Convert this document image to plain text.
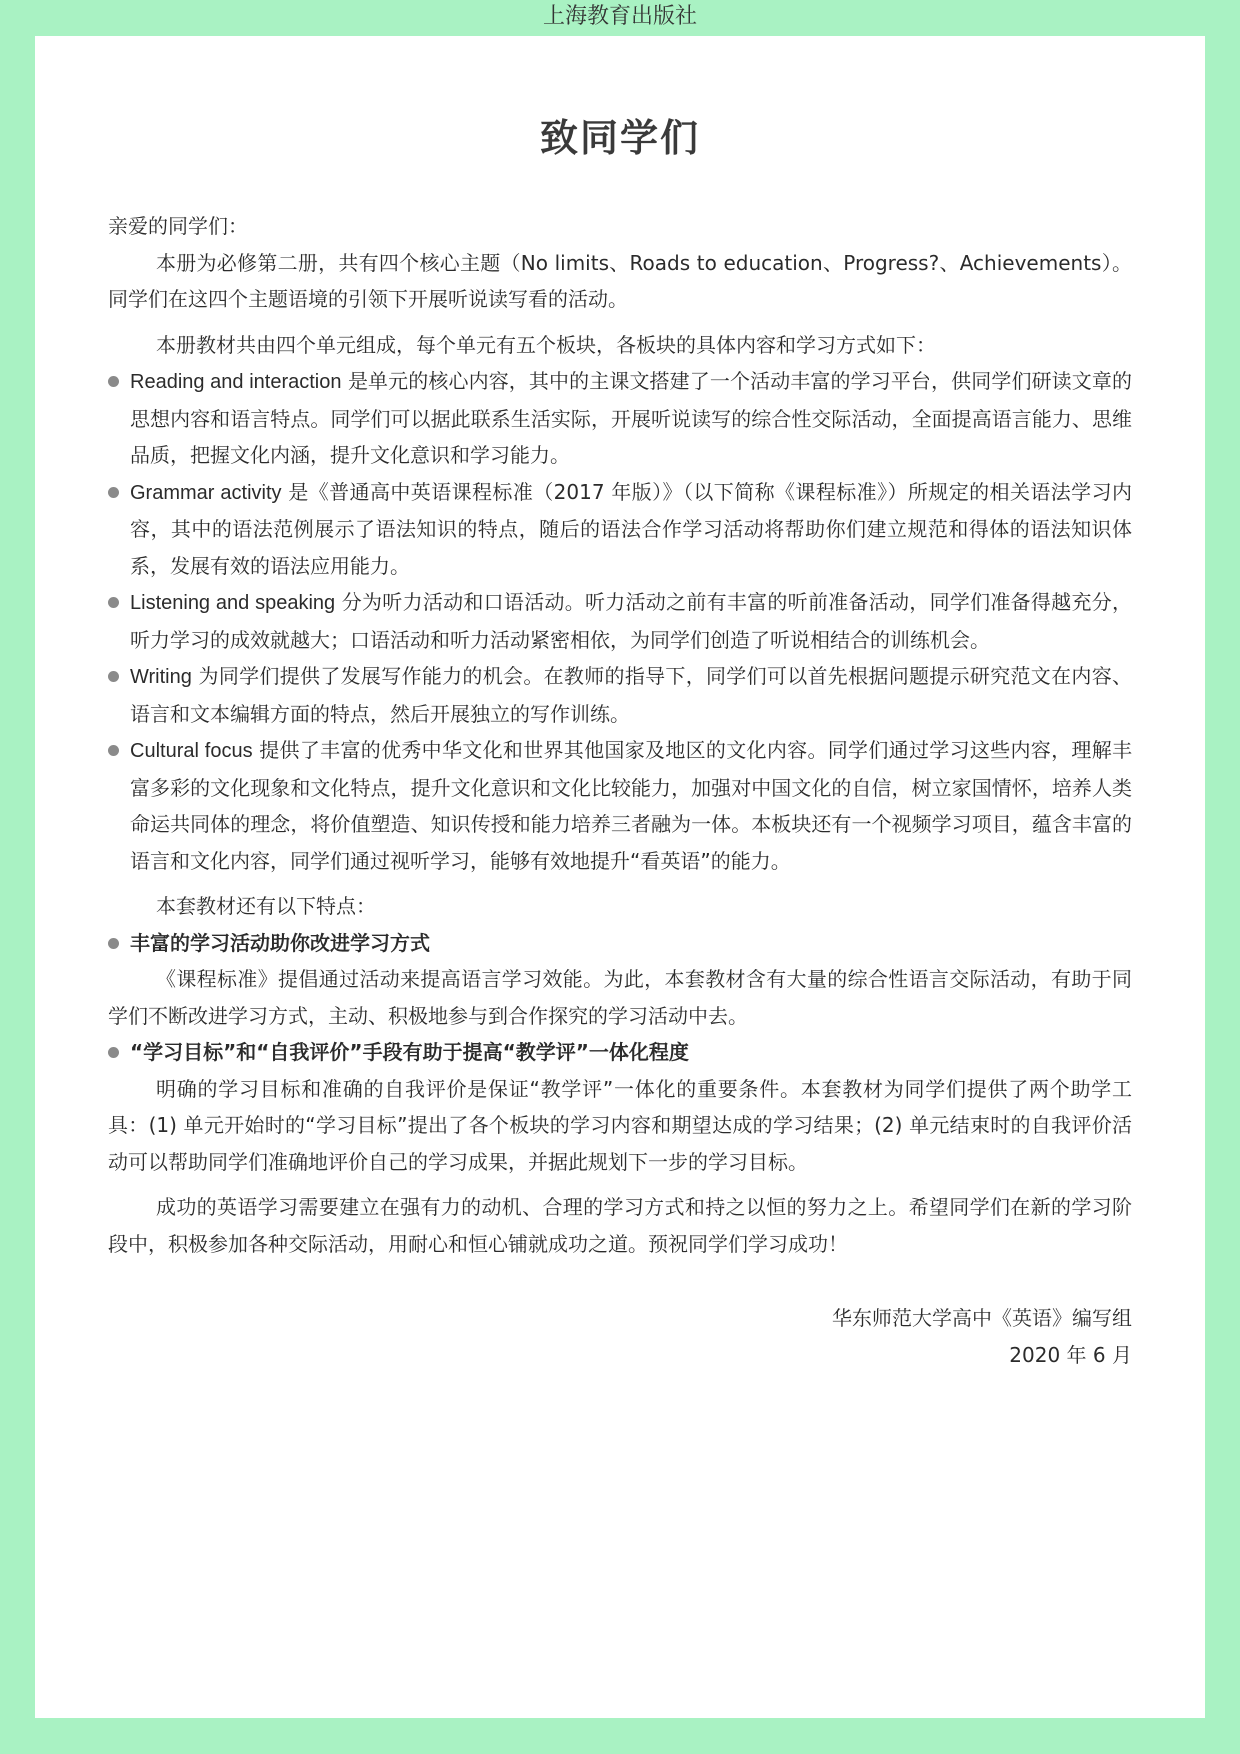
上海教育出版社
致同学们

亲爱的同学们：

本册为必修第二册，共有四个核心主题（No limits、Roads to education、Progress?、Achievements）。同学们在这四个主题语境的引领下开展听说读写看的活动。

本册教材共由四个单元组成，每个单元有五个板块，各板块的具体内容和学习方式如下：

Reading and interaction 是单元的核心内容，其中的主课文搭建了一个活动丰富的学习平台，供同学们研读文章的思想内容和语言特点。同学们可以据此联系生活实际，开展听说读写的综合性交际活动，全面提高语言能力、思维品质，把握文化内涵，提升文化意识和学习能力。
Grammar activity 是《普通高中英语课程标准（2017 年版）》（以下简称《课程标准》）所规定的相关语法学习内容，其中的语法范例展示了语法知识的特点，随后的语法合作学习活动将帮助你们建立规范和得体的语法知识体系，发展有效的语法应用能力。
Listening and speaking 分为听力活动和口语活动。听力活动之前有丰富的听前准备活动，同学们准备得越充分，听力学习的成效就越大；口语活动和听力活动紧密相依，为同学们创造了听说相结合的训练机会。
Writing 为同学们提供了发展写作能力的机会。在教师的指导下，同学们可以首先根据问题提示研究范文在内容、语言和文本编辑方面的特点，然后开展独立的写作训练。
Cultural focus 提供了丰富的优秀中华文化和世界其他国家及地区的文化内容。同学们通过学习这些内容，理解丰富多彩的文化现象和文化特点，提升文化意识和文化比较能力，加强对中国文化的自信，树立家国情怀，培养人类命运共同体的理念，将价值塑造、知识传授和能力培养三者融为一体。本板块还有一个视频学习项目，蕴含丰富的语言和文化内容，同学们通过视听学习，能够有效地提升“看英语”的能力。

本套教材还有以下特点：

丰富的学习活动助你改进学习方式

《课程标准》提倡通过活动来提高语言学习效能。为此，本套教材含有大量的综合性语言交际活动，有助于同学们不断改进学习方式，主动、积极地参与到合作探究的学习活动中去。

“学习目标”和“自我评价”手段有助于提高“教学评”一体化程度

明确的学习目标和准确的自我评价是保证“教学评”一体化的重要条件。本套教材为同学们提供了两个助学工具：(1) 单元开始时的“学习目标”提出了各个板块的学习内容和期望达成的学习结果；(2) 单元结束时的自我评价活动可以帮助同学们准确地评价自己的学习成果，并据此规划下一步的学习目标。

成功的英语学习需要建立在强有力的动机、合理的学习方式和持之以恒的努力之上。希望同学们在新的学习阶段中，积极参加各种交际活动，用耐心和恒心铺就成功之道。预祝同学们学习成功！

华东师范大学高中《英语》编写组

2020 年 6 月
